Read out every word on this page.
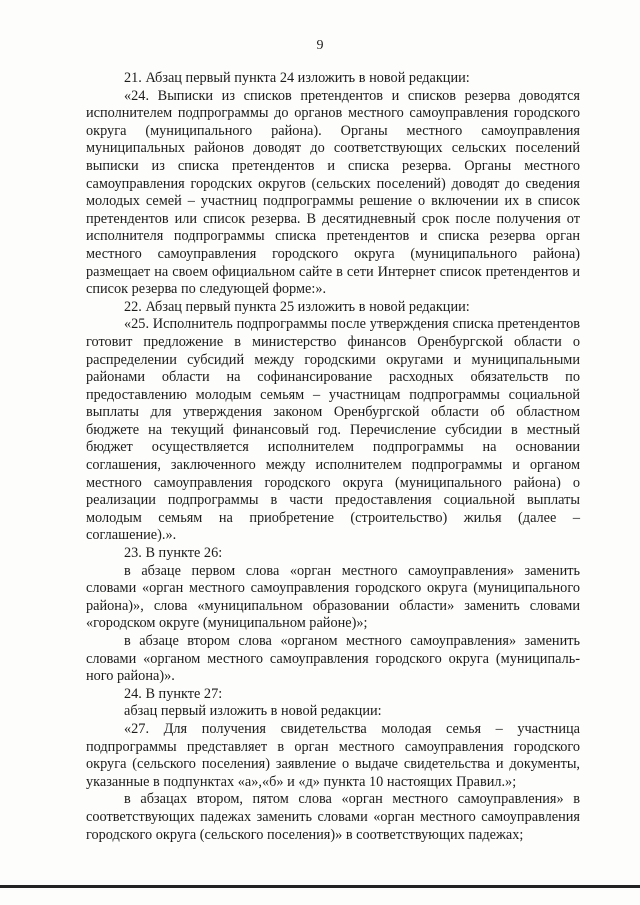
9

21. Абзац первый пункта 24 изложить в новой редакции:

«24. Выписки из списков претендентов и списков резерва доводятся исполнителем подпрограммы до органов местного самоуправления городского округа (муниципального района). Органы местного самоуправления муниципальных районов доводят до соответствующих сельских поселений выписки из списка претендентов и списка резерва. Органы местного самоуправления городских округов (сельских поселений) доводят до сведения молодых семей – участниц подпрограммы решение о включении их в список претендентов или список резерва. В десятидневный срок после получения от исполнителя подпрограммы списка претендентов и списка резерва орган местного самоуправления городского округа (муниципального района) размещает на своем официальном сайте в сети Интернет список претендентов и список резерва по следующей форме:».

22. Абзац первый пункта 25 изложить в новой редакции:

«25. Исполнитель подпрограммы после утверждения списка претендентов готовит предложение в министерство финансов Оренбургской области о распределении субсидий между городскими округами и муниципальными районами области на софинансирование расходных обязательств по предоставлению молодым семьям – участницам подпрограммы социальной выплаты для утверждения законом Оренбургской области об областном бюджете на текущий финансовый год. Перечисление субсидии в местный бюджет осуществляется исполнителем подпрограммы на основании соглашения, заключенного между исполнителем подпрограммы и органом местного самоуправления городского округа (муниципального района) о реализации подпрограммы в части предоставления социальной выплаты молодым семьям на приобретение (строительство) жилья (далее – соглашение).».

23. В пункте 26:

в абзаце первом слова «орган местного самоуправления» заменить словами «орган местного самоуправления городского округа (муниципального района)», слова «муниципальном образовании области» заменить словами «городском округе (муниципальном районе)»;

в абзаце втором слова «органом местного самоуправления» заменить словами «органом местного самоуправления городского округа (муниципального района)».

24. В пункте 27:

абзац первый изложить в новой редакции:

«27. Для получения свидетельства молодая семья – участница подпрограммы представляет в орган местного самоуправления городского округа (сельского поселения) заявление о выдаче свидетельства и документы, указанные в подпунктах «а»,«б» и «д» пункта 10 настоящих Правил.»;

в абзацах втором, пятом слова «орган местного самоуправления» в соответствующих падежах заменить словами «орган местного самоуправления городского округа (сельского поселения)» в соответствующих падежах;
